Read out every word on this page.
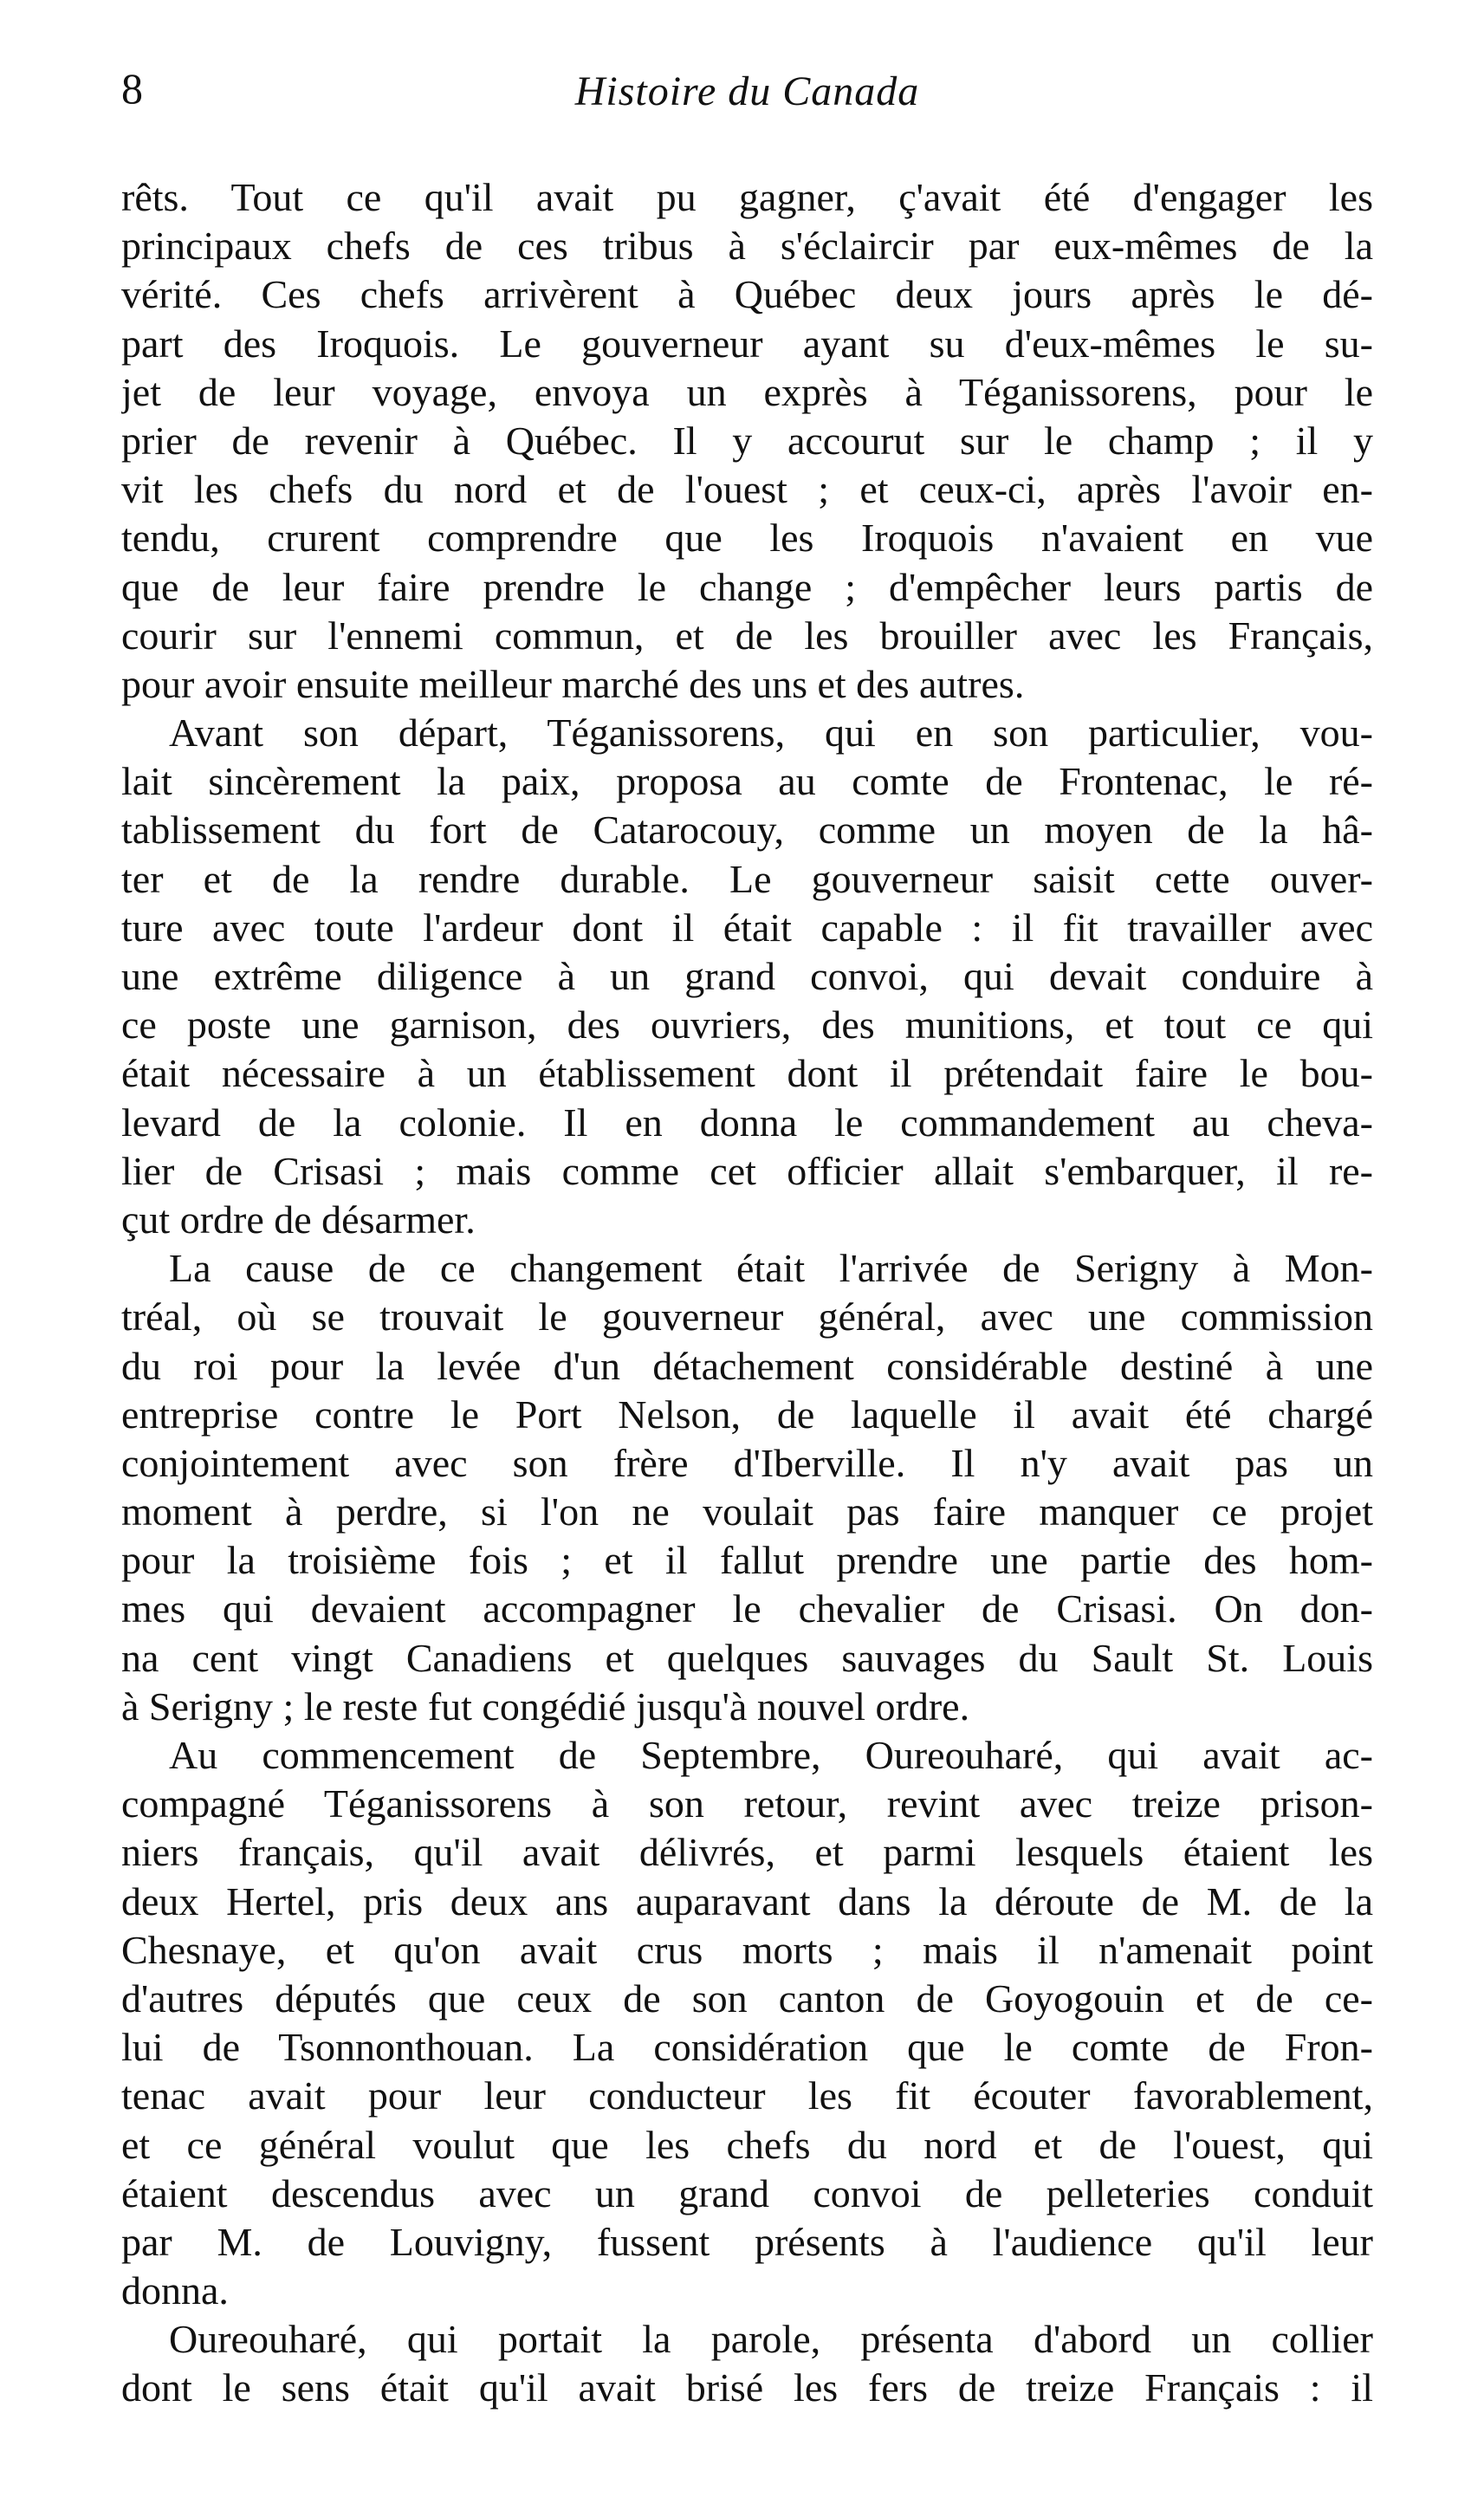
8	Histoire du Canada
rêts. Tout ce qu'il avait pu gagner, ç'avait été d'engager les
principaux chefs de ces tribus à s'éclaircir par eux-mêmes de la
vérité. Ces chefs arrivèrent à Québec deux jours après le dé-
part des Iroquois. Le gouverneur ayant su d'eux-mêmes le su-
jet de leur voyage, envoya un exprès à Téganissorens, pour le
prier de revenir à Québec. Il y accourut sur le champ ; il y
vit les chefs du nord et de l'ouest ; et ceux-ci, après l'avoir en-
tendu, crurent comprendre que les Iroquois n'avaient en vue
que de leur faire prendre le change ; d'empêcher leurs partis de
courir sur l'ennemi commun, et de les brouiller avec les Français,
pour avoir ensuite meilleur marché des uns et des autres.
Avant son départ, Téganissorens, qui en son particulier, vou-
lait sincèrement la paix, proposa au comte de Frontenac, le ré-
tablissement du fort de Catarocouy, comme un moyen de la hâ-
ter et de la rendre durable. Le gouverneur saisit cette ouver-
ture avec toute l'ardeur dont il était capable : il fit travailler avec
une extrême diligence à un grand convoi, qui devait conduire à
ce poste une garnison, des ouvriers, des munitions, et tout ce qui
était nécessaire à un établissement dont il prétendait faire le bou-
levard de la colonie. Il en donna le commandement au cheva-
lier de Crisasi ; mais comme cet officier allait s'embarquer, il re-
çut ordre de désarmer.
La cause de ce changement était l'arrivée de Serigny à Mon-
tréal, où se trouvait le gouverneur général, avec une commission
du roi pour la levée d'un détachement considérable destiné à une
entreprise contre le Port Nelson, de laquelle il avait été chargé
conjointement avec son frère d'Iberville. Il n'y avait pas un
moment à perdre, si l'on ne voulait pas faire manquer ce projet
pour la troisième fois ; et il fallut prendre une partie des hom-
mes qui devaient accompagner le chevalier de Crisasi. On don-
na cent vingt Canadiens et quelques sauvages du Sault St. Louis
à Serigny ; le reste fut congédié jusqu'à nouvel ordre.
Au commencement de Septembre, Oureouharé, qui avait ac-
compagné Téganissorens à son retour, revint avec treize prison-
niers français, qu'il avait délivrés, et parmi lesquels étaient les
deux Hertel, pris deux ans auparavant dans la déroute de M. de la
Chesnaye, et qu'on avait crus morts ; mais il n'amenait point
d'autres députés que ceux de son canton de Goyogouin et de ce-
lui de Tsonnonthouan. La considération que le comte de Fron-
tenac avait pour leur conducteur les fit écouter favorablement,
et ce général voulut que les chefs du nord et de l'ouest, qui
étaient descendus avec un grand convoi de pelleteries conduit
par M. de Louvigny, fussent présents à l'audience qu'il leur
donna.
Oureouharé, qui portait la parole, présenta d'abord un collier
dont le sens était qu'il avait brisé les fers de treize Français : il
